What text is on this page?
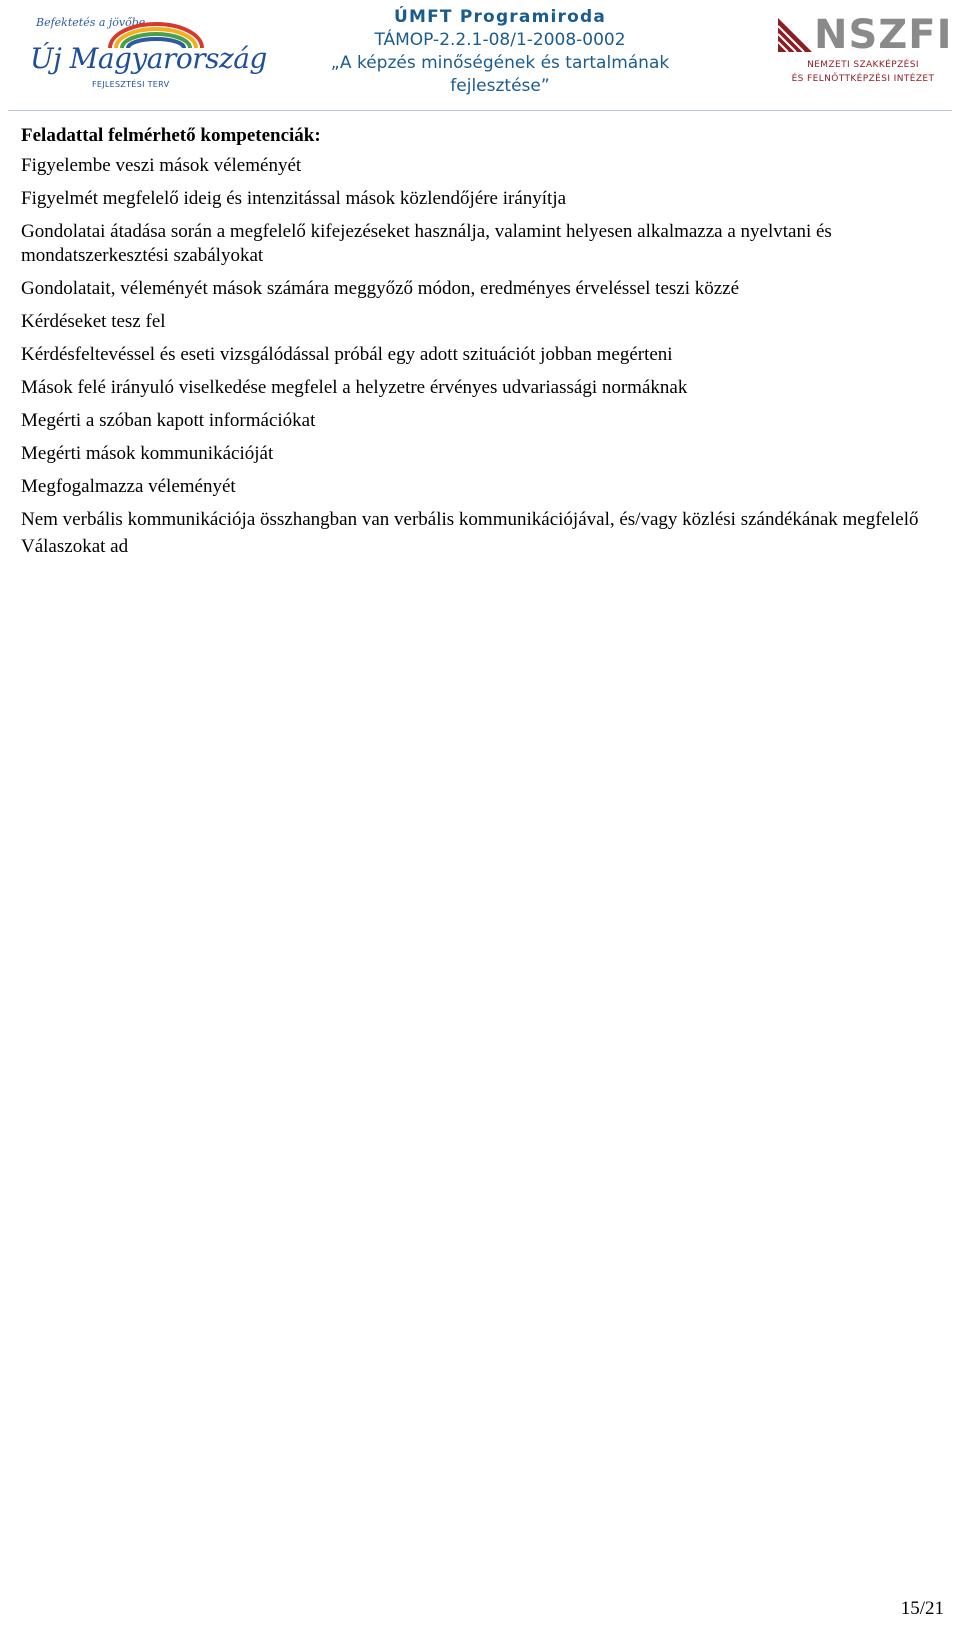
Befektetés a jövőbe
Új Magyarország
FEJLESZTÉSI TERV
ÚMFT Programiroda
TÁMOP-2.2.1-08/1-2008-0002
„A képzés minőségének és tartalmának
fejlesztése”
NSZFI
NEMZETI SZAKKÉPZÉSI
ÉS FELNŐTTKÉPZÉSI INTÉZET
Feladattal felmérhető kompetenciák:
Figyelembe veszi mások véleményét
Figyelmét megfelelő ideig és intenzitással mások közlendőjére irányítja
Gondolatai átadása során a megfelelő kifejezéseket használja, valamint helyesen alkalmazza a nyelvtani és mondatszerkesztési szabályokat
Gondolatait, véleményét mások számára meggyőző módon, eredményes érveléssel teszi közzé
Kérdéseket tesz fel
Kérdésfeltevéssel és eseti vizsgálódással próbál egy adott szituációt jobban megérteni
Mások felé irányuló viselkedése megfelel a helyzetre érvényes udvariassági normáknak
Megérti a szóban kapott információkat
Megérti mások kommunikációját
Megfogalmazza véleményét
Nem verbális kommunikációja összhangban van verbális kommunikációjával, és/vagy közlési szándékának megfelelő
Válaszokat ad
15/21
